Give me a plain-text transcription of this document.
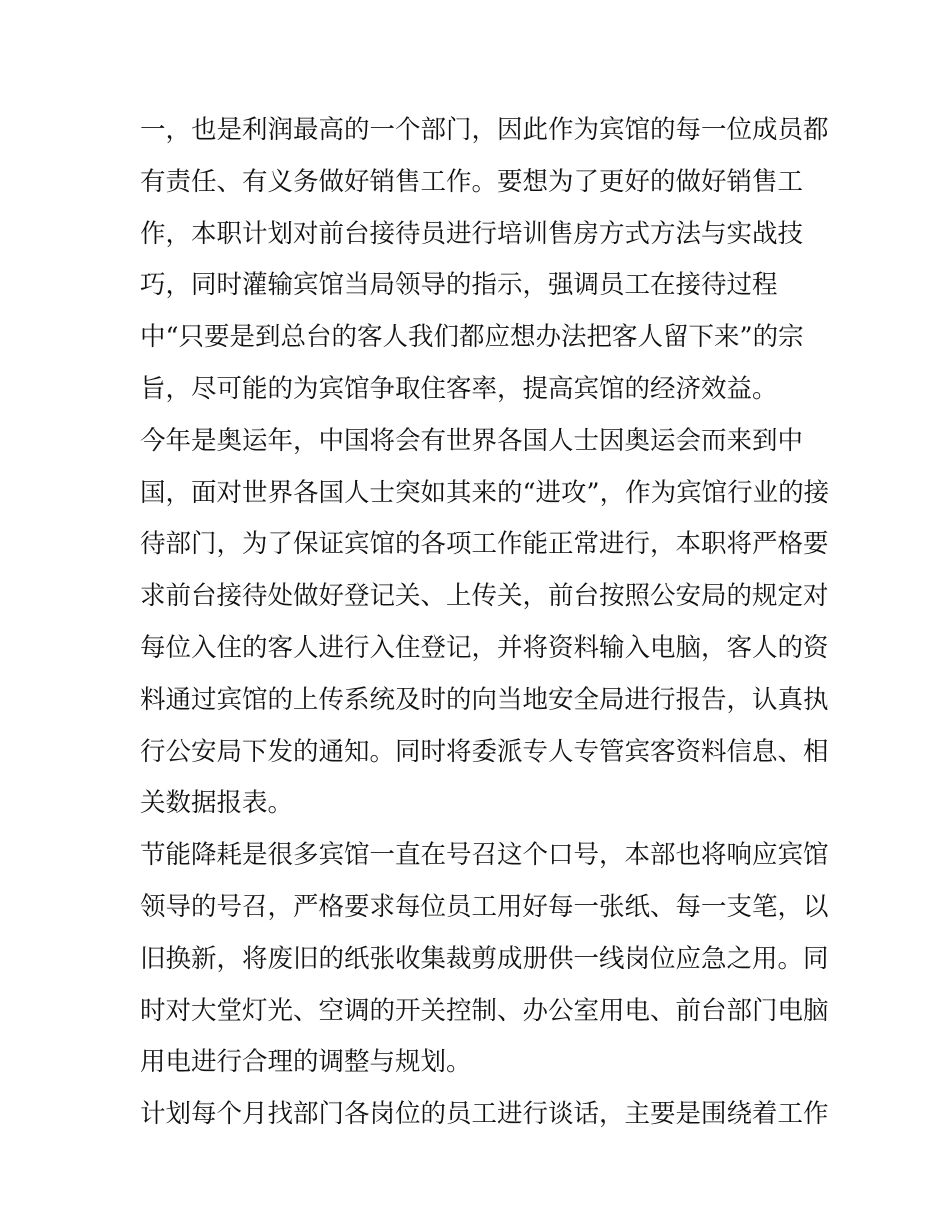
一，也是利润最高的一个部门，因此作为宾馆的每一位成员都
有责任、有义务做好销售工作。要想为了更好的做好销售工
作，本职计划对前台接待员进行培训售房方式方法与实战技
巧，同时灌输宾馆当局领导的指示，强调员工在接待过程
中“只要是到总台的客人我们都应想办法把客人留下来”的宗
旨，尽可能的为宾馆争取住客率，提高宾馆的经济效益。
今年是奥运年，中国将会有世界各国人士因奥运会而来到中
国，面对世界各国人士突如其来的“进攻”，作为宾馆行业的接
待部门，为了保证宾馆的各项工作能正常进行，本职将严格要
求前台接待处做好登记关、上传关，前台按照公安局的规定对
每位入住的客人进行入住登记，并将资料输入电脑，客人的资
料通过宾馆的上传系统及时的向当地安全局进行报告，认真执
行公安局下发的通知。同时将委派专人专管宾客资料信息、相
关数据报表。
节能降耗是很多宾馆一直在号召这个口号，本部也将响应宾馆
领导的号召，严格要求每位员工用好每一张纸、每一支笔，以
旧换新，将废旧的纸张收集裁剪成册供一线岗位应急之用。同
时对大堂灯光、空调的开关控制、办公室用电、前台部门电脑
用电进行合理的调整与规划。
计划每个月找部门各岗位的员工进行谈话，主要是围绕着工作
